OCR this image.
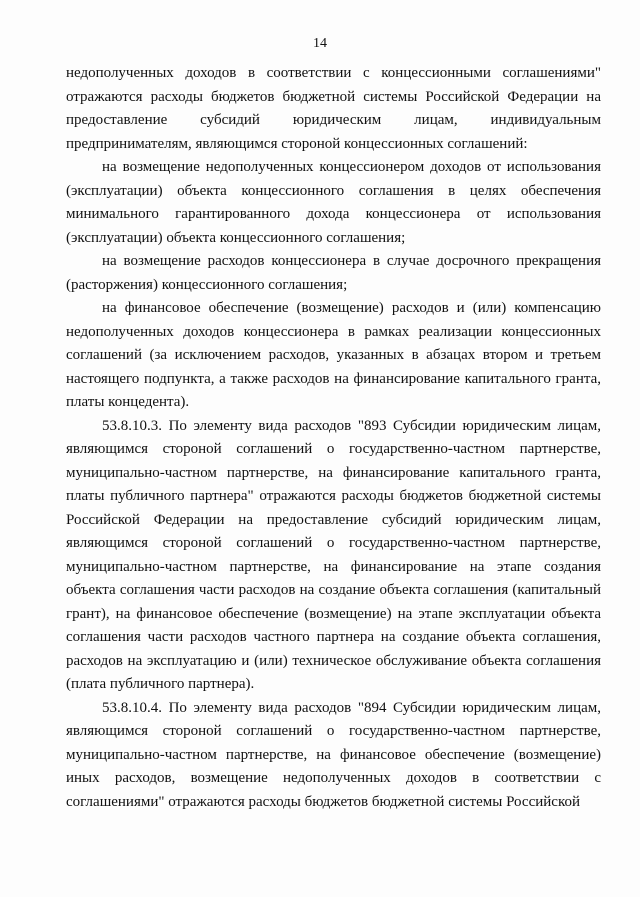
14

недополученных доходов в соответствии с концессионными соглашениями" отражаются расходы бюджетов бюджетной системы Российской Федерации на предоставление субсидий юридическим лицам, индивидуальным предпринимателям, являющимся стороной концессионных соглашений:

на возмещение недополученных концессионером доходов от использования (эксплуатации) объекта концессионного соглашения в целях обеспечения минимального гарантированного дохода концессионера от использования (эксплуатации) объекта концессионного соглашения;

на возмещение расходов концессионера в случае досрочного прекращения (расторжения) концессионного соглашения;

на финансовое обеспечение (возмещение) расходов и (или) компенсацию недополученных доходов концессионера в рамках реализации концессионных соглашений (за исключением расходов, указанных в абзацах втором и третьем настоящего подпункта, а также расходов на финансирование капитального гранта, платы концедента).

53.8.10.3. По элементу вида расходов "893 Субсидии юридическим лицам, являющимся стороной соглашений о государственно-частном партнерстве, муниципально-частном партнерстве, на финансирование капитального гранта, платы публичного партнера" отражаются расходы бюджетов бюджетной системы Российской Федерации на предоставление субсидий юридическим лицам, являющимся стороной соглашений о государственно-частном партнерстве, муниципально-частном партнерстве, на финансирование на этапе создания объекта соглашения части расходов на создание объекта соглашения (капитальный грант), на финансовое обеспечение (возмещение) на этапе эксплуатации объекта соглашения части расходов частного партнера на создание объекта соглашения, расходов на эксплуатацию и (или) техническое обслуживание объекта соглашения (плата публичного партнера).

53.8.10.4. По элементу вида расходов "894 Субсидии юридическим лицам, являющимся стороной соглашений о государственно-частном партнерстве, муниципально-частном партнерстве, на финансовое обеспечение (возмещение) иных расходов, возмещение недополученных доходов в соответствии с соглашениями" отражаются расходы бюджетов бюджетной системы Российской
